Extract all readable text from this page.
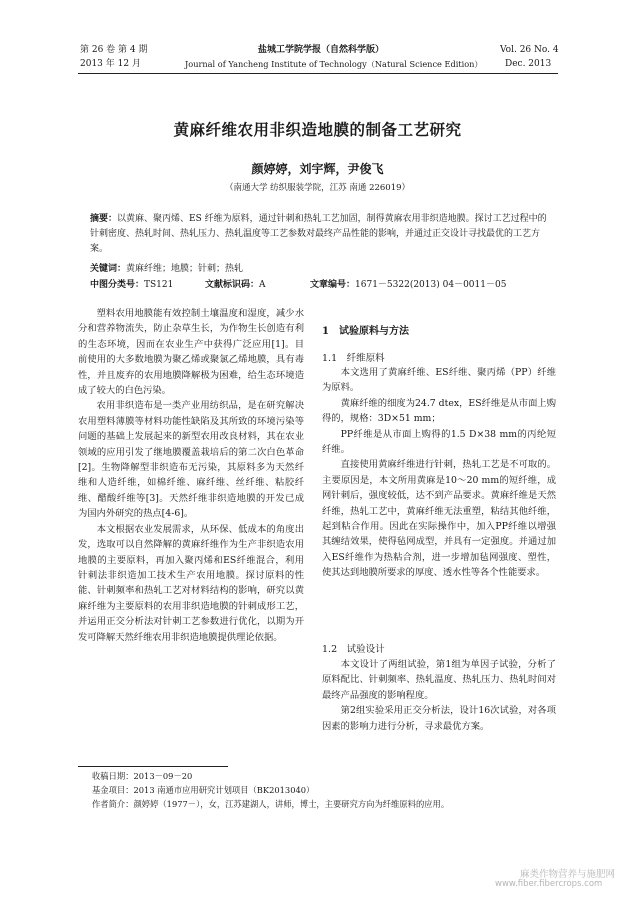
第 26 卷 第 4 期
2013 年 12 月
盐城工学院学报（自然科学版）
Journal of Yancheng Institute of Technology（Natural Science Edition）
Vol. 26 No. 4
Dec. 2013
黄麻纤维农用非织造地膜的制备工艺研究
颜婷婷，刘宇辉，尹俊飞
（南通大学 纺织服装学院，江苏 南通 226019）
摘要：以黄麻、聚丙烯、ES 纤维为原料，通过针刺和热轧工艺加固，制得黄麻农用非织造地膜。探讨工艺过程中的针刺密度、热轧时间、热轧压力、热轧温度等工艺参数对最终产品性能的影响，并通过正交设计寻找最优的工艺方案。
关键词：黄麻纤维；地膜；针刺；热轧
中图分类号：TS121	文献标识码：A	文章编号：1671－5322(2013) 04－0011－05

塑料农用地膜能有效控制土壤温度和湿度，减少水分和营养物流失，防止杂草生长，为作物生长创造有利的生态环境，因而在农业生产中获得广泛应用[1]。目前使用的大多数地膜为聚乙烯或聚氯乙烯地膜，具有毒性，并且废弃的农用地膜降解极为困难，给生态环境造成了较大的白色污染。

农用非织造布是一类产业用纺织品，是在研究解决农用塑料薄膜等材料功能性缺陷及其所致的环境污染等问题的基础上发展起来的新型农用改良材料，其在农业领域的应用引发了继地膜覆盖栽培后的第二次白色革命[2]。生物降解型非织造布无污染，其原料多为天然纤维和人造纤维，如棉纤维、麻纤维、丝纤维、粘胶纤维、醋酸纤维等[3]。天然纤维非织造地膜的开发已成为国内外研究的热点[4-6]。

本文根据农业发展需求，从环保、低成本的角度出发，选取可以自然降解的黄麻纤维作为生产非织造农用地膜的主要原料，再加入聚丙烯和ES纤维混合，利用针刺法非织造加工技术生产农用地膜。探讨原料的性能、针刺频率和热轧工艺对材料结构的影响，研究以黄麻纤维为主要原料的农用非织造地膜的针刺成形工艺，并运用正交分析法对针刺工艺参数进行优化，以期为开发可降解天然纤维农用非织造地膜提供理论依据。

1　试验原料与方法
1.1　纤维原料

本文选用了黄麻纤维、ES纤维、聚丙烯（PP）纤维为原料。

黄麻纤维的细度为24.7 dtex，ES纤维是从市面上购得的，规格：3D×51 mm；

PP纤维是从市面上购得的1.5 D×38 mm的丙纶短纤维。

直接使用黄麻纤维进行针刺，热轧工艺是不可取的。主要原因是，本文所用黄麻是10～20 mm的短纤维，成网针刺后，强度较低，达不到产品要求。黄麻纤维是天然纤维，热轧工艺中，黄麻纤维无法重塑，粘结其他纤维，起到粘合作用。因此在实际操作中，加入PP纤维以增强其缠结效果，使得毡网成型，并具有一定强度。并通过加入ES纤维作为热粘合剂，进一步增加毡网强度、塑性，使其达到地膜所要求的厚度、透水性等各个性能要求。

1.2　试验设计

本文设计了两组试验，第1组为单因子试验，分析了原料配比、针刺频率、热轧温度、热轧压力、热轧时间对最终产品强度的影响程度。

第2组实验采用正交分析法，设计16次试验，对各项因素的影响力进行分析，寻求最优方案。

收稿日期：2013－09－20
基金项目：2013 南通市应用研究计划项目（BK2013040）
作者简介：颜婷婷（1977－），女，江苏建湖人，讲师，博士，主要研究方向为纤维原料的应用。
麻类作物营养与施肥网
www.fiber.fibercrops.com
